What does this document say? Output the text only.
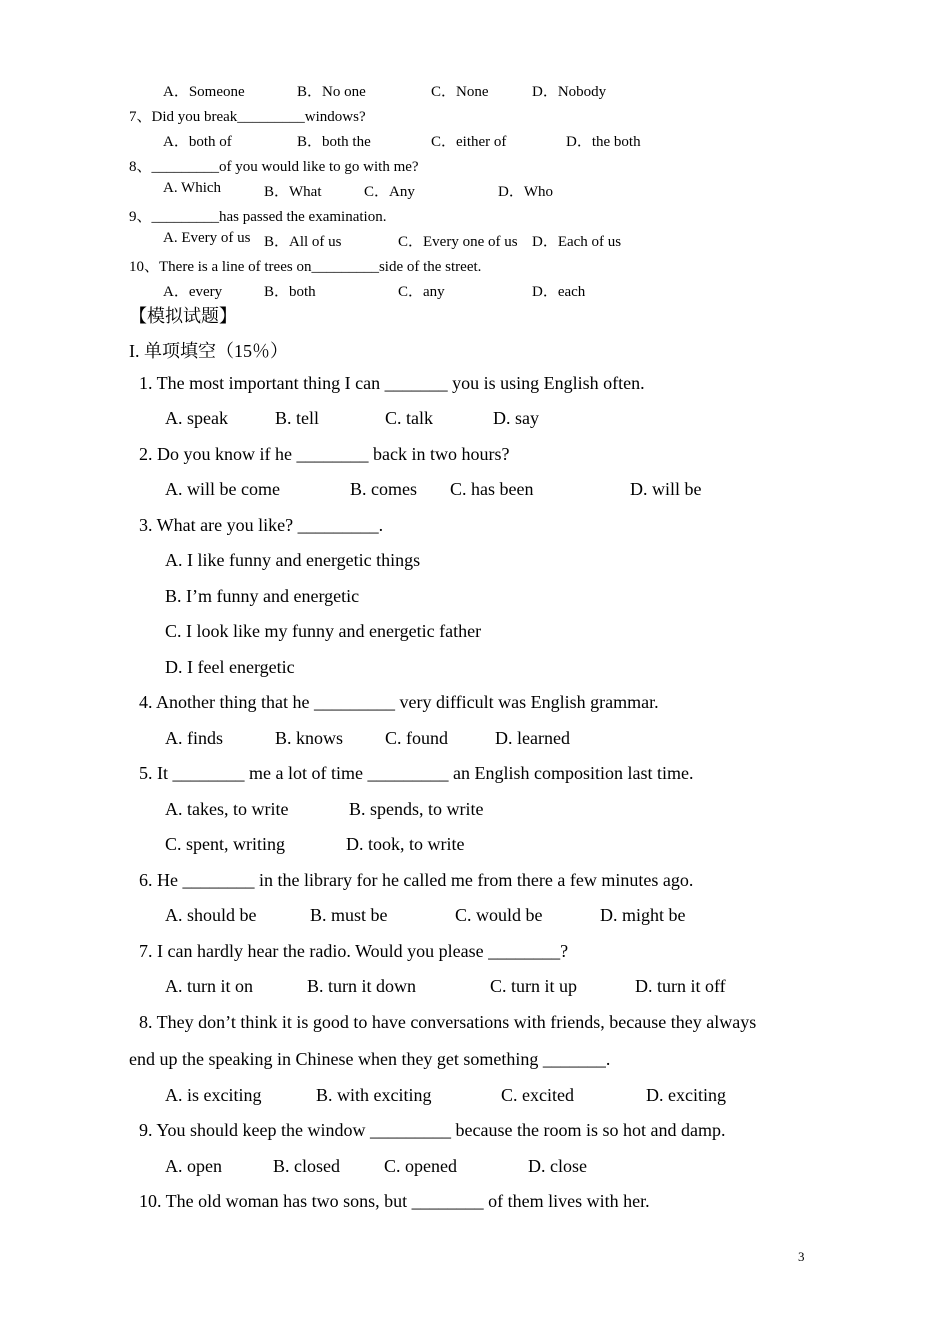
A．Someone	B．No one	C．None	D．Nobody
7、Did you break_________windows?
A．both of	B．both the	C．either of	D．the both
8、_________of you would like to go with me?
A. Which	B．What	C．Any	D．Who
9、_________has passed the examination.
A. Every of us B．All of us	C．Every one of us D．Each of us
10、There is a line of trees on_________side of the street.
A．every	B．both	C．any	D．each
【模拟试题】
I. 单项填空（15％）
1. The most important thing I can _______ you is using English often.
A. speak	B. tell	C. talk	D. say
2. Do you know if he ________ back in two hours?
A. will be come	B. comes C. has been	D. will be
3. What are you like? _________.
A. I like funny and energetic things
B. I’m funny and energetic
C. I look like my funny and energetic father
D. I feel energetic
4. Another thing that he _________ very difficult was English grammar.
A. finds	B. knows C. found	D. learned
5. It ________ me a lot of time _________ an English composition last time.
A. takes, to write	B. spends, to write
C. spent, writing	D. took, to write
6. He ________ in the library for he called me from there a few minutes ago.
A. should be	B. must be	C. would be	D. might be
7. I can hardly hear the radio. Would you please ________?
A. turn it on	B. turn it down	C. turn it up	D. turn it off
8. They don’t think it is good to have conversations with friends, because they always
end up the speaking in Chinese when they get something _______.
A. is exciting	B. with exciting	C. excited	D. exciting
9. You should keep the window _________ because the room is so hot and damp.
A. open	B. closed C. opened	D. close
10. The old woman has two sons, but ________ of them lives with her.
3
